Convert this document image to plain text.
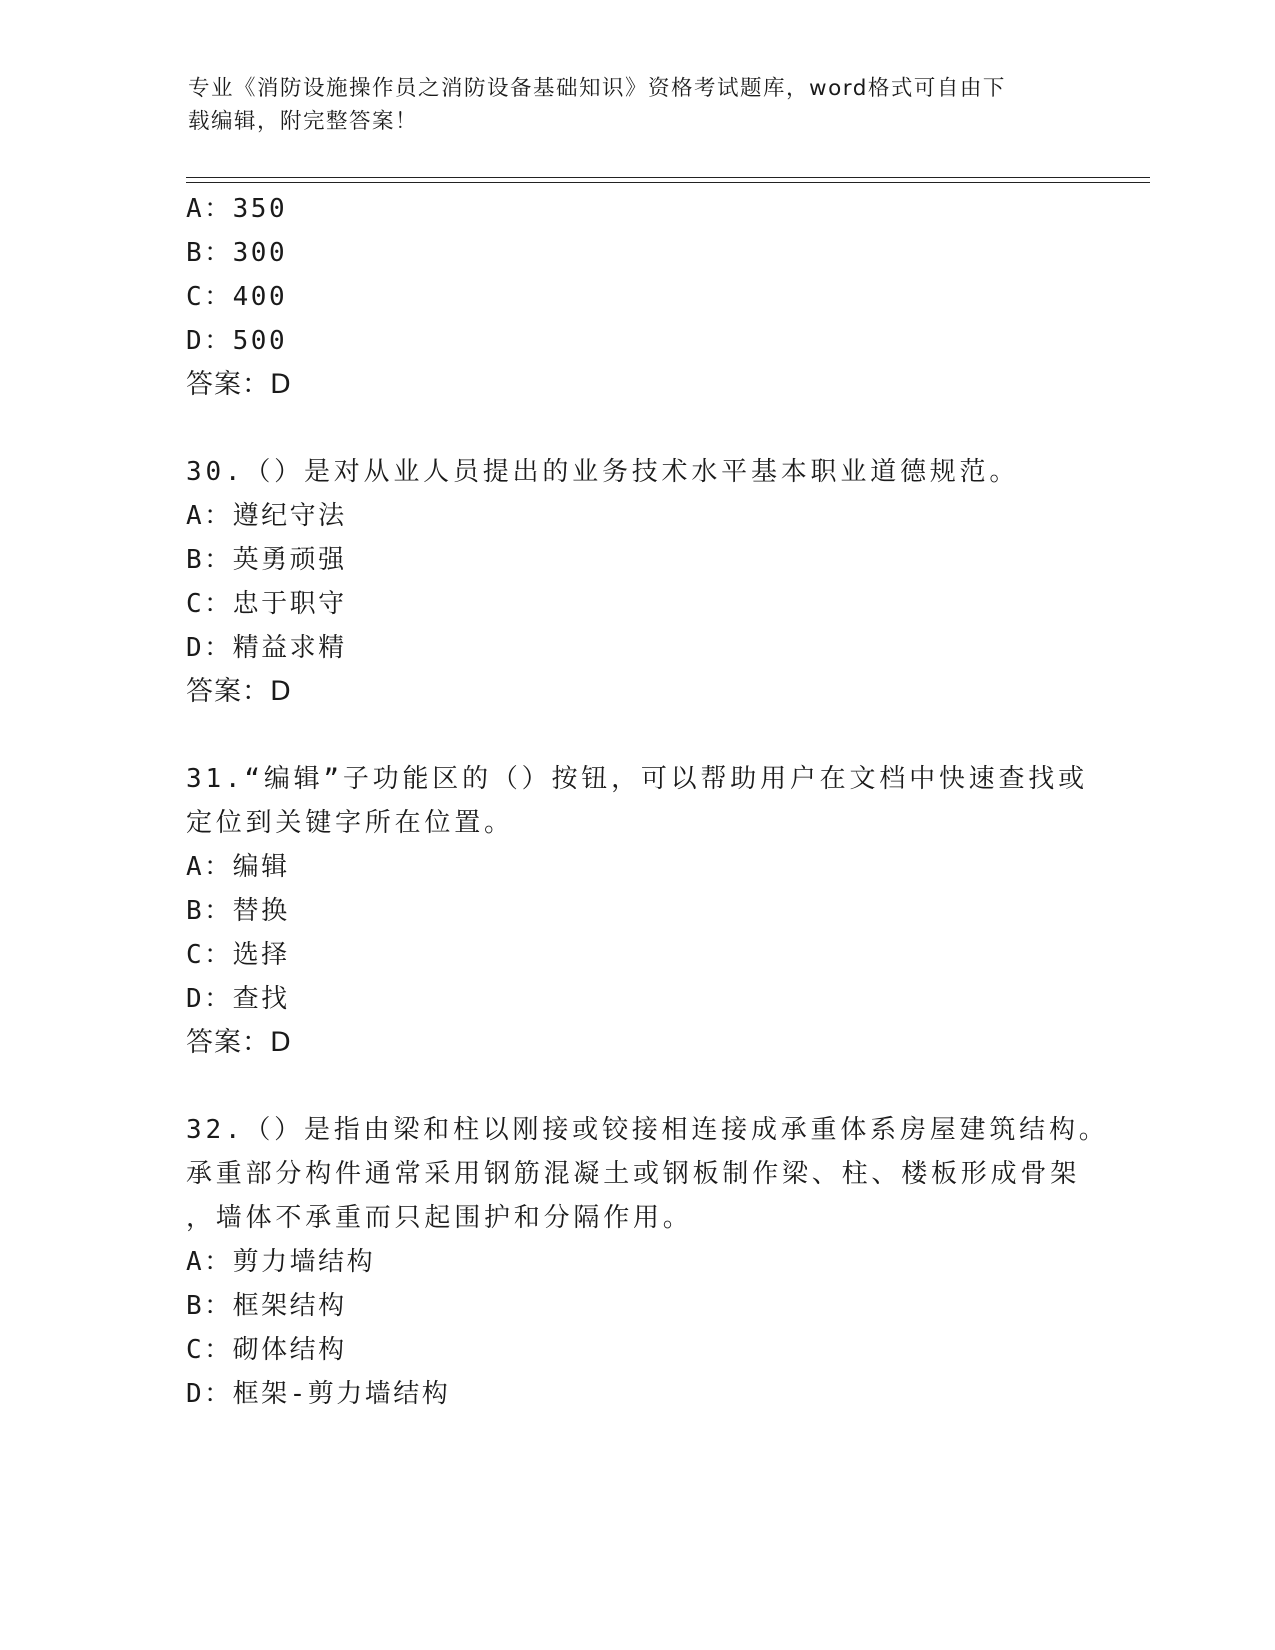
专业《消防设施操作员之消防设备基础知识》资格考试题库，word格式可自由下
载编辑，附完整答案！
A：350
B：300
C：400
D：500
答案：D
30.（）是对从业人员提出的业务技术水平基本职业道德规范。
A：遵纪守法
B：英勇顽强
C：忠于职守
D：精益求精
答案：D
31.“编辑”子功能区的（）按钮，可以帮助用户在文档中快速查找或
定位到关键字所在位置。
A：编辑
B：替换
C：选择
D：查找
答案：D
32.（）是指由梁和柱以刚接或铰接相连接成承重体系房屋建筑结构。
承重部分构件通常采用钢筋混凝土或钢板制作梁、柱、楼板形成骨架
，墙体不承重而只起围护和分隔作用。
A：剪力墙结构
B：框架结构
C：砌体结构
D：框架-剪力墙结构
